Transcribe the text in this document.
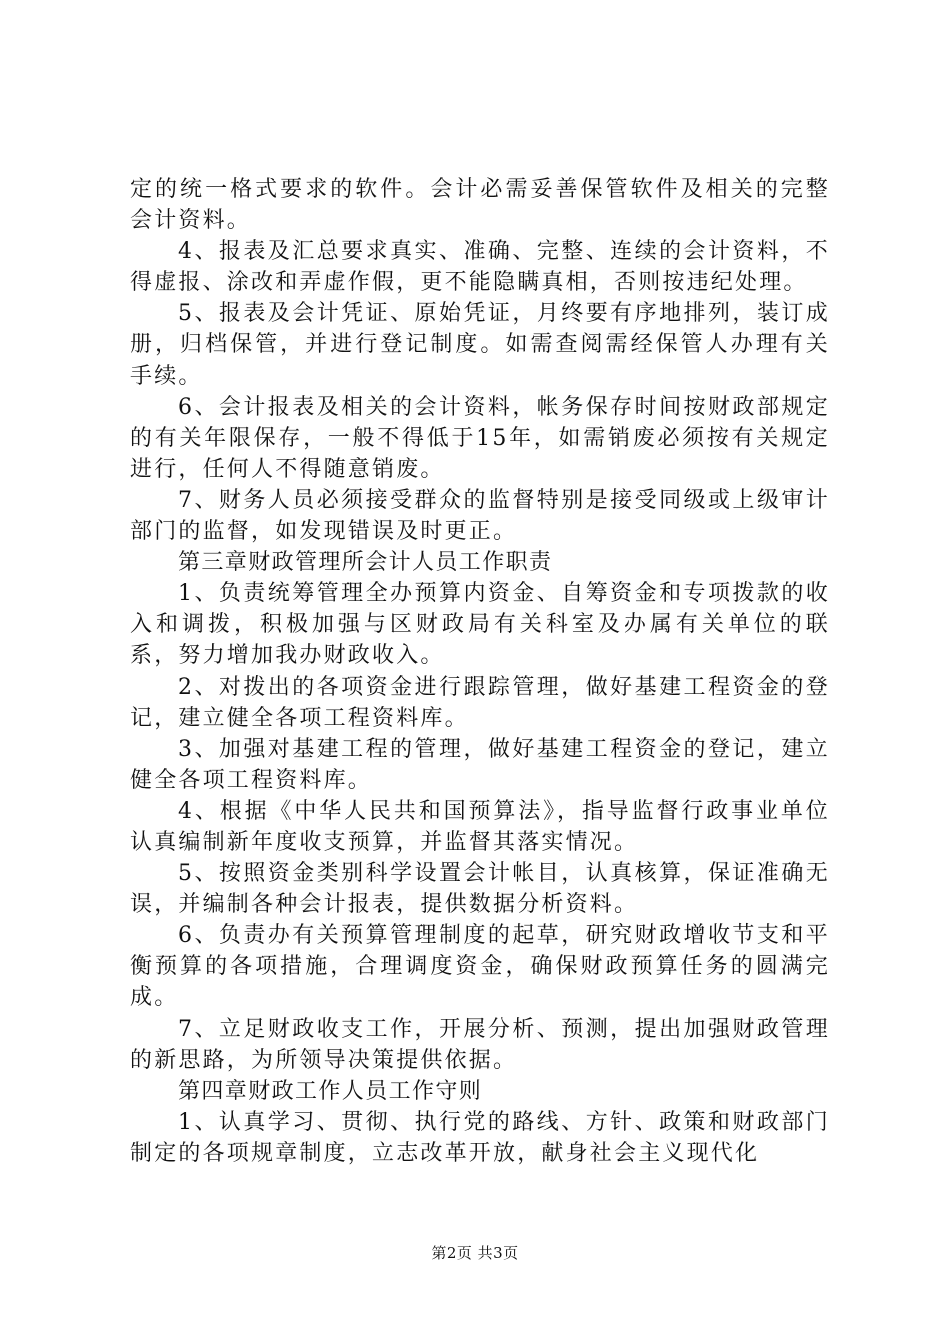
定的统一格式要求的软件。会计必需妥善保管软件及相关的完整会计资料。

4、报表及汇总要求真实、准确、完整、连续的会计资料，不得虚报、涂改和弄虚作假，更不能隐瞒真相，否则按违纪处理。

5、报表及会计凭证、原始凭证，月终要有序地排列，装订成册，归档保管，并进行登记制度。如需查阅需经保管人办理有关手续。

6、会计报表及相关的会计资料，帐务保存时间按财政部规定的有关年限保存，一般不得低于15年，如需销废必须按有关规定进行，任何人不得随意销废。

7、财务人员必须接受群众的监督特别是接受同级或上级审计部门的监督，如发现错误及时更正。

第三章财政管理所会计人员工作职责

1、负责统筹管理全办预算内资金、自筹资金和专项拨款的收入和调拨，积极加强与区财政局有关科室及办属有关单位的联系，努力增加我办财政收入。

2、对拨出的各项资金进行跟踪管理，做好基建工程资金的登记，建立健全各项工程资料库。

3、加强对基建工程的管理，做好基建工程资金的登记，建立健全各项工程资料库。

4、根据《中华人民共和国预算法》，指导监督行政事业单位认真编制新年度收支预算，并监督其落实情况。

5、按照资金类别科学设置会计帐目，认真核算，保证准确无误，并编制各种会计报表，提供数据分析资料。

6、负责办有关预算管理制度的起草，研究财政增收节支和平衡预算的各项措施，合理调度资金，确保财政预算任务的圆满完成。

7、立足财政收支工作，开展分析、预测，提出加强财政管理的新思路，为所领导决策提供依据。

第四章财政工作人员工作守则

1、认真学习、贯彻、执行党的路线、方针、政策和财政部门制定的各项规章制度，立志改革开放，献身社会主义现代化

第2页 共3页
